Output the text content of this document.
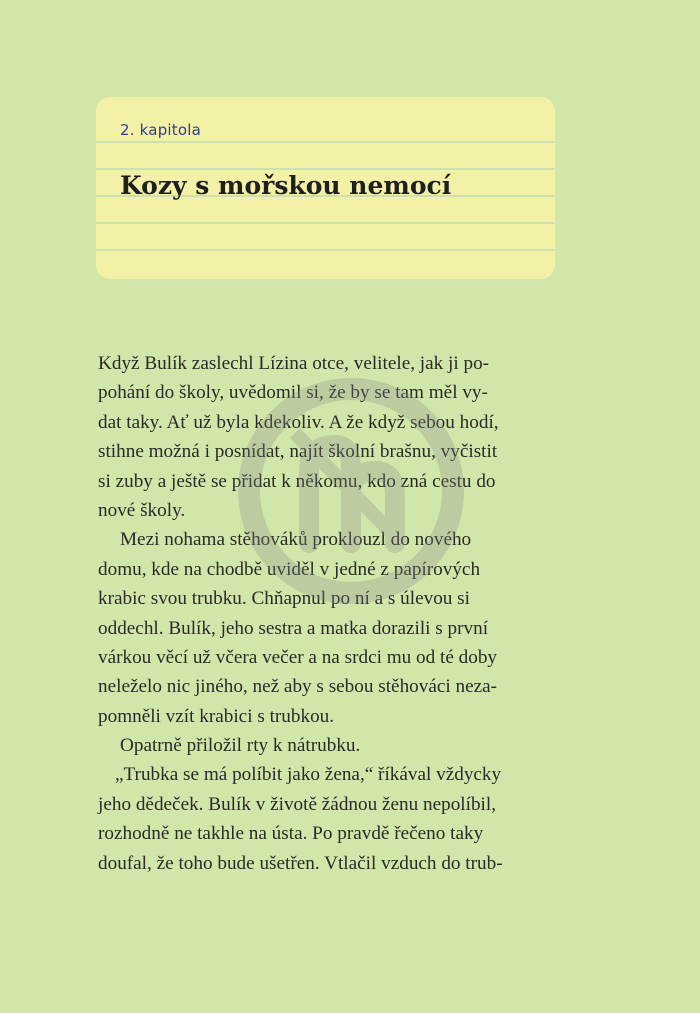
2. kapitola
Kozy s mořskou nemocí
Když Bulík zaslechl Lízina otce, velitele, jak ji po-
pohání do školy, uvědomil si, že by se tam měl vy-
dat taky. Ať už byla kdekoliv. A že když sebou hodí,
stihne možná i posnídat, najít školní brašnu, vyčistit
si zuby a ještě se přidat k někomu, kdo zná cestu do
nové školy.
Mezi nohama stěhováků proklouzl do nového
domu, kde na chodbě uviděl v jedné z papírových
krabic svou trubku. Chňapnul po ní a s úlevou si
oddechl. Bulík, jeho sestra a matka dorazili s první
várkou věcí už včera večer a na srdci mu od té doby
neleželo nic jiného, než aby s sebou stěhováci neza-
pomněli vzít krabici s trubkou.
Opatrně přiložil rty k nátrubku.
„Trubka se má políbit jako žena,“ říkával vždycky
jeho dědeček. Bulík v životě žádnou ženu nepolíbil,
rozhodně ne takhle na ústa. Po pravdě řečeno taky
doufal, že toho bude ušetřen. Vtlačil vzduch do trub-
